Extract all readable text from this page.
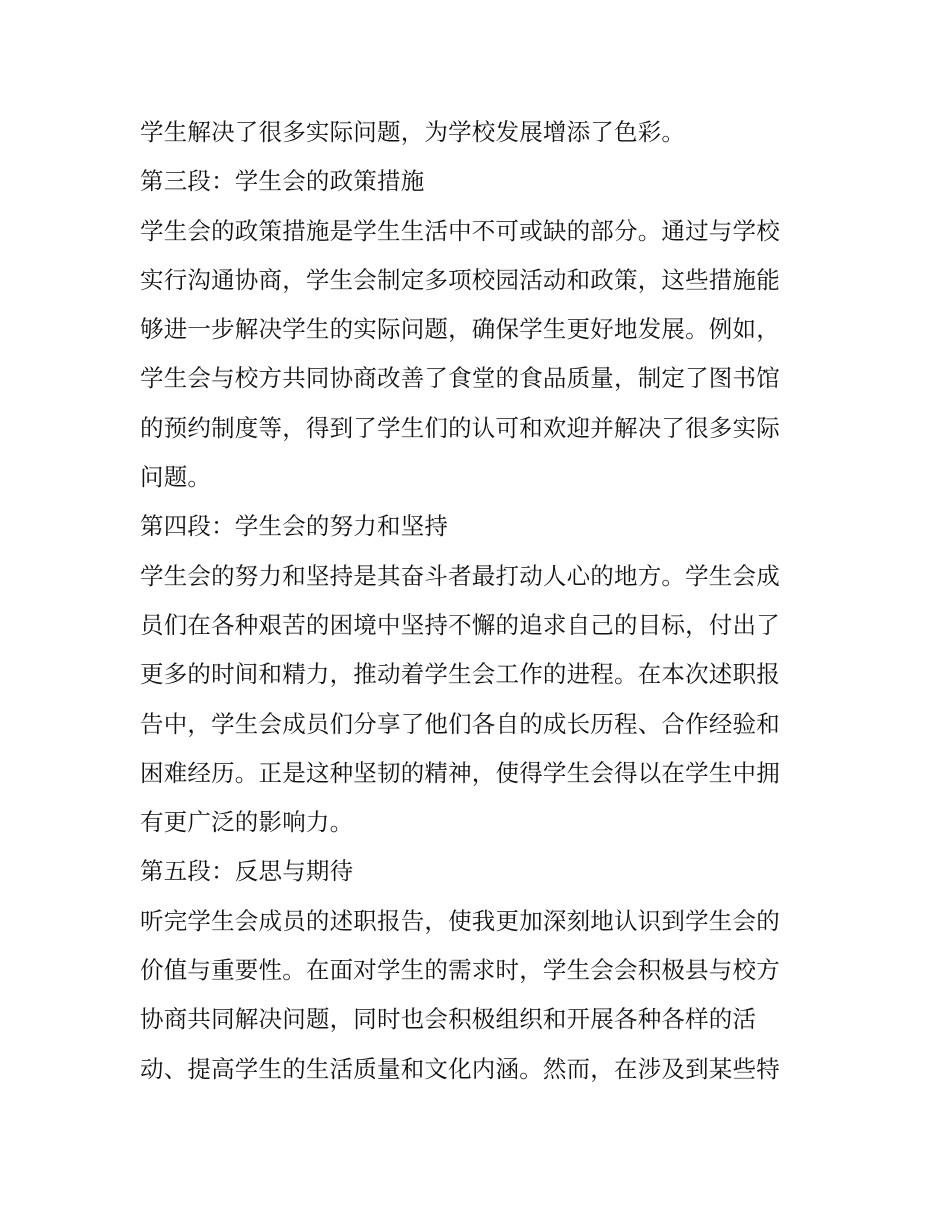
学生解决了很多实际问题，为学校发展增添了色彩。
第三段：学生会的政策措施
学生会的政策措施是学生生活中不可或缺的部分。通过与学校
实行沟通协商，学生会制定多项校园活动和政策，这些措施能
够进一步解决学生的实际问题，确保学生更好地发展。例如，
学生会与校方共同协商改善了食堂的食品质量，制定了图书馆
的预约制度等，得到了学生们的认可和欢迎并解决了很多实际
问题。
第四段：学生会的努力和坚持
学生会的努力和坚持是其奋斗者最打动人心的地方。学生会成
员们在各种艰苦的困境中坚持不懈的追求自己的目标，付出了
更多的时间和精力，推动着学生会工作的进程。在本次述职报
告中，学生会成员们分享了他们各自的成长历程、合作经验和
困难经历。正是这种坚韧的精神，使得学生会得以在学生中拥
有更广泛的影响力。
第五段：反思与期待
听完学生会成员的述职报告，使我更加深刻地认识到学生会的
价值与重要性。在面对学生的需求时，学生会会积极县与校方
协商共同解决问题，同时也会积极组织和开展各种各样的活
动、提高学生的生活质量和文化内涵。然而，在涉及到某些特
